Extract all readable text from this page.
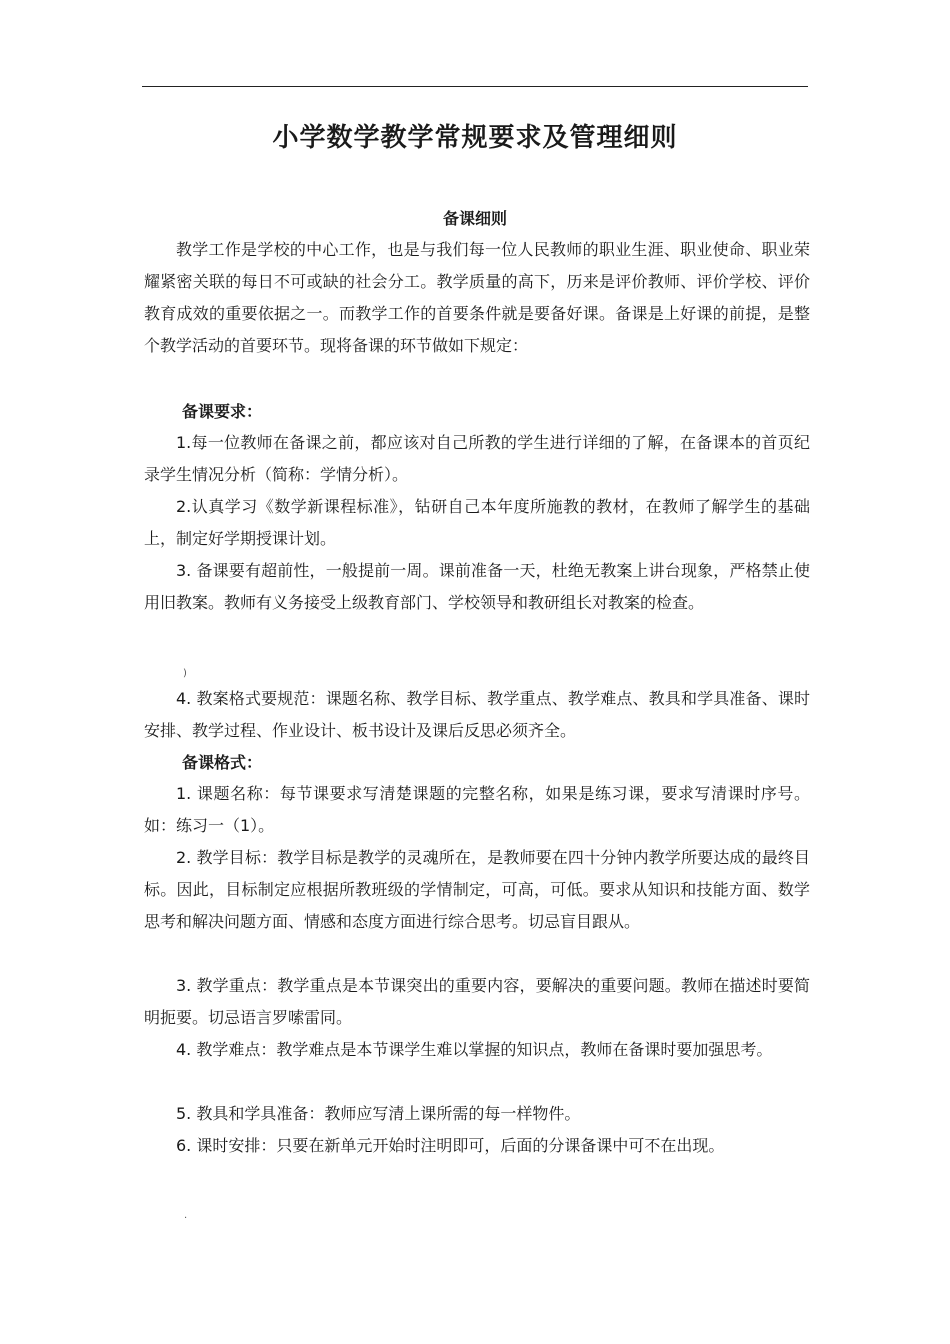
小学数学教学常规要求及管理细则
备课细则

教学工作是学校的中心工作，也是与我们每一位人民教师的职业生涯、职业使命、职业荣耀紧密关联的每日不可或缺的社会分工。教学质量的高下，历来是评价教师、评价学校、评价教育成效的重要依据之一。而教学工作的首要条件就是要备好课。备课是上好课的前提，是整个教学活动的首要环节。现将备课的环节做如下规定：

备课要求：

1.每一位教师在备课之前，都应该对自己所教的学生进行详细的了解，在备课本的首页纪录学生情况分析（简称：学情分析）。

2.认真学习《数学新课程标准》，钻研自己本年度所施教的教材，在教师了解学生的基础上，制定好学期授课计划。

3. 备课要有超前性，一般提前一周。课前准备一天，杜绝无教案上讲台现象，严格禁止使用旧教案。教师有义务接受上级教育部门、学校领导和教研组长对教案的检查。

)

4. 教案格式要规范：课题名称、教学目标、教学重点、教学难点、教具和学具准备、课时安排、教学过程、作业设计、板书设计及课后反思必须齐全。

备课格式：

1. 课题名称：每节课要求写清楚课题的完整名称，如果是练习课，要求写清课时序号。如：练习一（1）。

2. 教学目标：教学目标是教学的灵魂所在，是教师要在四十分钟内教学所要达成的最终目标。因此，目标制定应根据所教班级的学情制定，可高，可低。要求从知识和技能方面、数学思考和解决问题方面、情感和态度方面进行综合思考。切忌盲目跟从。

3. 教学重点：教学重点是本节课突出的重要内容，要解决的重要问题。教师在描述时要简明扼要。切忌语言罗嗦雷同。

4. 教学难点：教学难点是本节课学生难以掌握的知识点，教师在备课时要加强思考。

5. 教具和学具准备：教师应写清上课所需的每一样物件。

6. 课时安排：只要在新单元开始时注明即可，后面的分课备课中可不在出现。

.
